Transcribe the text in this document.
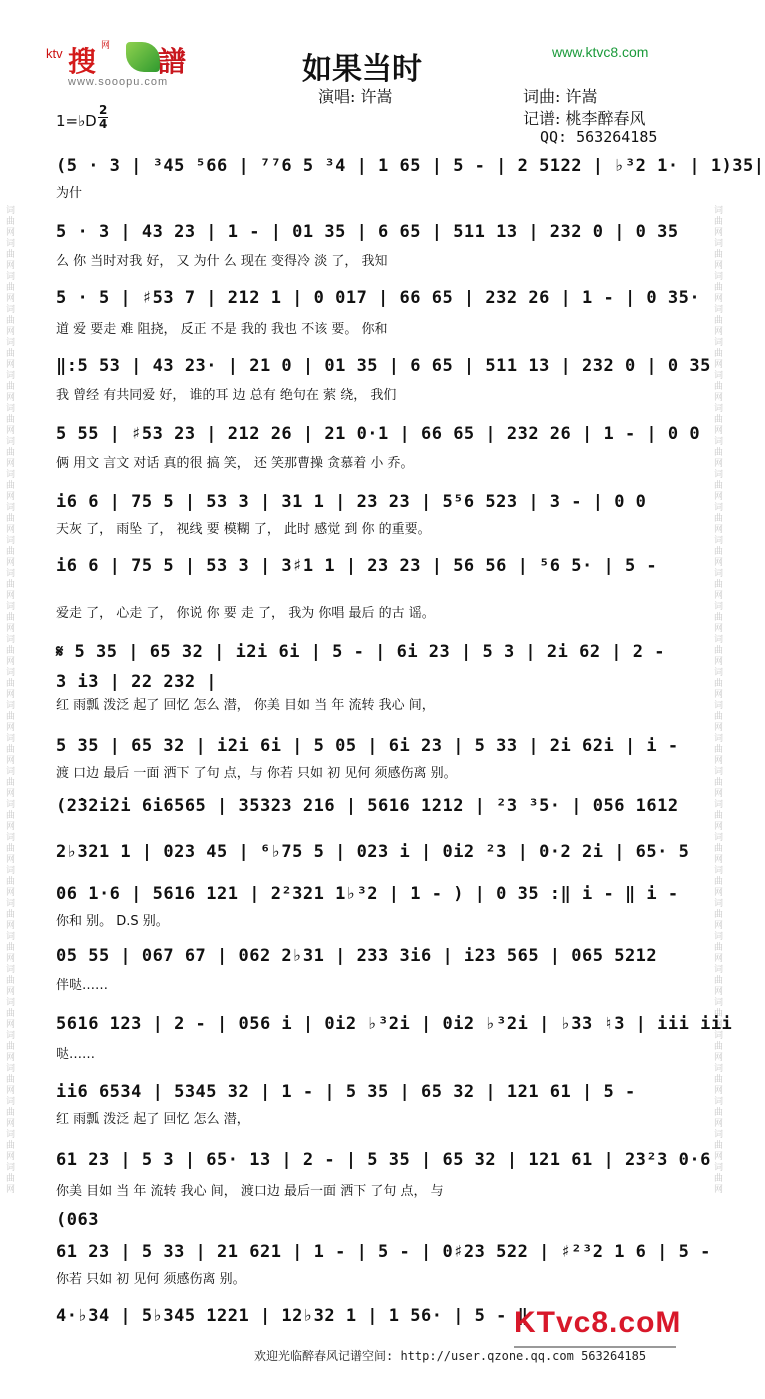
词曲网词曲网词曲网词曲网词曲网词曲网词曲网词曲网词曲网词曲网词曲网词曲网词曲网词曲网词曲网词曲网词曲网词曲网词曲网词曲网词曲网词曲网词曲网词曲网词曲网词曲网词曲网词曲网词曲网词曲网	词曲网词曲网词曲网词曲网词曲网词曲网词曲网词曲网词曲网词曲网词曲网词曲网词曲网词曲网词曲网词曲网词曲网词曲网词曲网词曲网词曲网词曲网词曲网词曲网词曲网词曲网词曲网词曲网词曲网词曲网
ktv 搜 网 譜
www.sooopu.com	如果当时	www.ktvc8.com
演唱: 许嵩	词曲: 许嵩
记谱: 桃李醉春风
QQ: 563264185
1=♭D $\frac{2}{4}$
(5 · 3 | ³45 ⁵66 | ⁷⁷6 5 ³4 | 1 65 | 5 - | 2 5122 | ♭³2 1· | 1)35|
为什
5 · 3 | 43 23 | 1 - | 01 35 | 6 65 | 511 13 | 232 0 | 0 35
么 你 当时对我 好， 又 为什 么 现在 变得冷 淡 了， 我知
5 · 5 | ♯53 7 | 212 1 | 0 017 | 66 65 | 232 26 | 1 - | 0 35·
道 爱 要走 难 阻挠， 反正 不是 我的 我也 不该 要。 你和
‖:5 53 | 43 23· | 21 0 | 01 35 | 6 65 | 511 13 | 232 0 | 0 35
我 曾经 有共同爱 好， 谁的耳 边 总有 绝句在 萦 绕， 我们
5 55 | ♯53 23 | 212 26 | 21 0·1 | 66 65 | 232 26 | 1 - | 0 0
俩 用文 言文 对话 真的很 搞 笑， 还 笑那曹操 贪慕着 小 乔。
i6 6 | 75 5 | 53 3 | 31 1 | 23 23 | 5⁵6 523 | 3 - | 0 0
天灰 了， 雨坠 了， 视线 要 模糊 了， 此时 感觉 到 你 的重要。
i6 6 | 75 5 | 53 3 | 3♯1 1 | 23 23 | 56 56 | ⁵6 5· | 5 -
爱走 了， 心走 了， 你说 你 要 走 了， 我为 你唱 最后 的古 谣。
𝄋 5 35 | 65 32 | i2i 6i | 5 - | 6i 23 | 5 3 | 2i 62 | 2 -
3 i3 | 22 232 |
红 雨瓢 泼泛 起了 回忆 怎么 潜， 你美 目如 当 年 流转 我心 间，
5 35 | 65 32 | i2i 6i | 5 05 | 6i 23 | 5 33 | 2i 62i | i -
渡 口边 最后 一面 洒下 了句 点，与 你若 只如 初 见何 须感伤离 别。
(2̇32i2i 6i6565 | 35323 216 | 5616 1212 | ²3 ³5· | 056 1612
2♭321 1 | 023 45 | ⁶♭75 5 | 023 i | 0i2 ²3 | 0·2 2i | 65· 5
06 1·6 | 5616 121 | 2²321 1♭³2 | 1 - ) | 0 35 :‖ i - ‖ i -
你和 别。 D.S 别。
05 55 | 067 67 | 062 2♭31 | 233 3i6 | i23 565 | 065 5212
伴哒……
5616 123 | 2 - | 056 i | 0i2 ♭³2i | 0i2 ♭³2i | ♭33 ♮3 | iii iii
哒……
ii6 6534 | 5345 32 | 1 - | 5 35 | 65 32 | 121 61 | 5 -
红 雨瓢 泼泛 起了 回忆 怎么 潜，
61 23 | 5 3 | 65· 13 | 2 - | 5 35 | 65 32 | 121 61 | 23²3 0·6
你美 目如 当 年 流转 我心 间， 渡口边 最后一面 洒下 了句 点， 与
(063
61 23 | 5 33 | 21 621 | 1 - | 5 - | 0♯23 522 | ♯²³2 1 6 | 5 -
你若 只如 初 见何 须感伤离 别。
4·♭34 | 5♭345 1221 | 12♭32 1 | 1 56· | 5 - ‖
KTvc8.coM
欢迎光临醉春风记谱空间: http://user.qzone.qq.com 563264185
